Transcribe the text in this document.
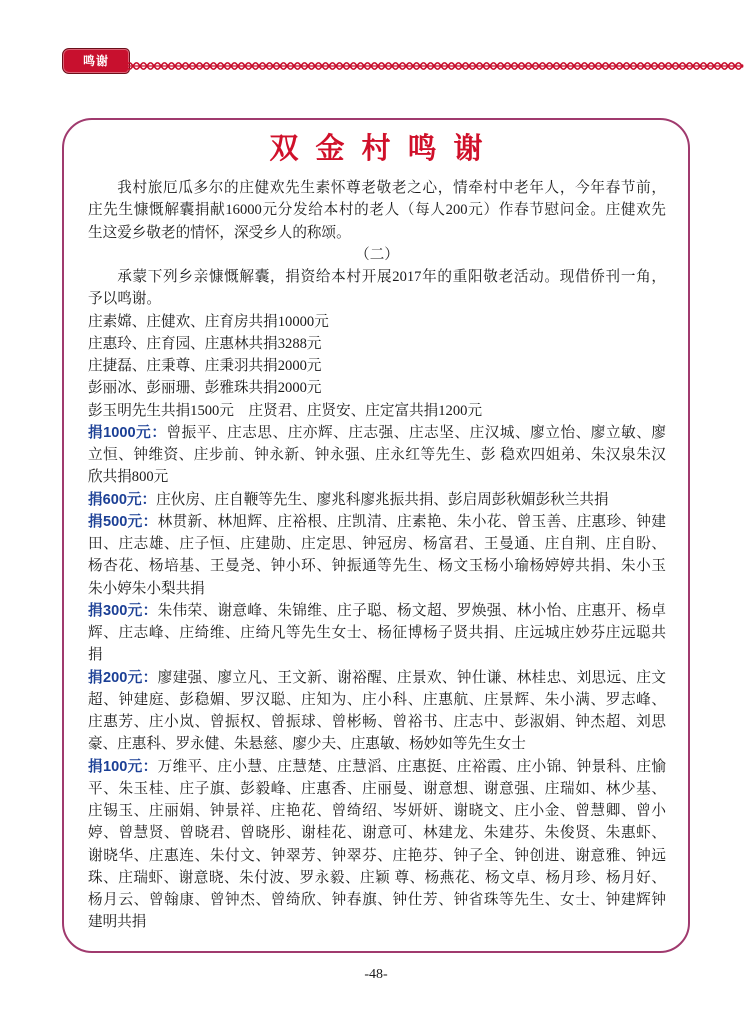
鸣谢
双金村鸣谢
我村旅厄瓜多尔的庄健欢先生素怀尊老敬老之心，情牵村中老年人，今年春节前，
庄先生慷慨解囊捐献16000元分发给本村的老人（每人200元）作春节慰问金。庄健欢先
生这爱乡敬老的情怀，深受乡人的称颂。
（二）
承蒙下列乡亲慷慨解囊，捐资给本村开展2017年的重阳敬老活动。现借侨刊一角，
予以鸣谢。
庄素嫦、庄健欢、庄育房共捐10000元
庄惠玲、庄育园、庄惠林共捐3288元
庄捷磊、庄秉尊、庄秉羽共捐2000元
彭丽冰、彭丽珊、彭雅珠共捐2000元
彭玉明先生共捐1500元　庄贤君、庄贤安、庄定富共捐1200元
捐1000元：曾振平、庄志思、庄亦辉、庄志强、庄志坚、庄汉城、廖立怡、廖立敏、廖
立恒、钟维资、庄步前、钟永新、钟永强、庄永红等先生、彭 稳欢四姐弟、朱汉泉朱汉
欣共捐800元
捐600元：庄伙房、庄自鞭等先生、廖兆科廖兆振共捐、彭启周彭秋媚彭秋兰共捐
捐500元：林贯新、林旭辉、庄裕根、庄凯清、庄素艳、朱小花、曾玉善、庄惠珍、钟建
田、庄志雄、庄子恒、庄建勋、庄定思、钟冠房、杨富君、王曼通、庄自荆、庄自盼、
杨杏花、杨培基、王曼尧、钟小环、钟振通等先生、杨文玉杨小瑜杨婷婷共捐、朱小玉
朱小婷朱小梨共捐
捐300元：朱伟荣、谢意峰、朱锦维、庄子聪、杨文超、罗焕强、林小怡、庄惠开、杨卓
辉、庄志峰、庄绮维、庄绮凡等先生女士、杨征博杨子贤共捐、庄远城庄妙芬庄远聪共
捐
捐200元：廖建强、廖立凡、王文新、谢裕醒、庄景欢、钟仕谦、林桂忠、刘思远、庄文
超、钟建庭、彭稳媚、罗汉聪、庄知为、庄小科、庄惠航、庄景辉、朱小满、罗志峰、
庄惠芳、庄小岚、曾振权、曾振球、曾彬畅、曾裕书、庄志中、彭淑娟、钟杰超、刘思
豪、庄惠科、罗永健、朱悬慈、廖少夫、庄惠敏、杨妙如等先生女士
捐100元：万维平、庄小慧、庄慧楚、庄慧滔、庄惠挺、庄裕霞、庄小锦、钟景科、庄愉
平、朱玉桂、庄子旗、彭毅峰、庄惠香、庄丽曼、谢意想、谢意强、庄瑞如、林少基、
庄锡玉、庄丽娟、钟景祥、庄艳花、曾绮绍、岑妍妍、谢晓文、庄小金、曾慧卿、曾小
婷、曾慧贤、曾晓君、曾晓彤、谢桂花、谢意可、林建龙、朱建芬、朱俊贤、朱惠虾、
谢晓华、庄惠连、朱付文、钟翠芳、钟翠芬、庄艳芬、钟子全、钟创进、谢意雅、钟远
珠、庄瑞虾、谢意晓、朱付波、罗永毅、庄颖 尊、杨燕花、杨文卓、杨月珍、杨月好、
杨月云、曾翰康、曾钟杰、曾绮欣、钟春旗、钟仕芳、钟省珠等先生、女士、钟建辉钟
建明共捐
-48-
